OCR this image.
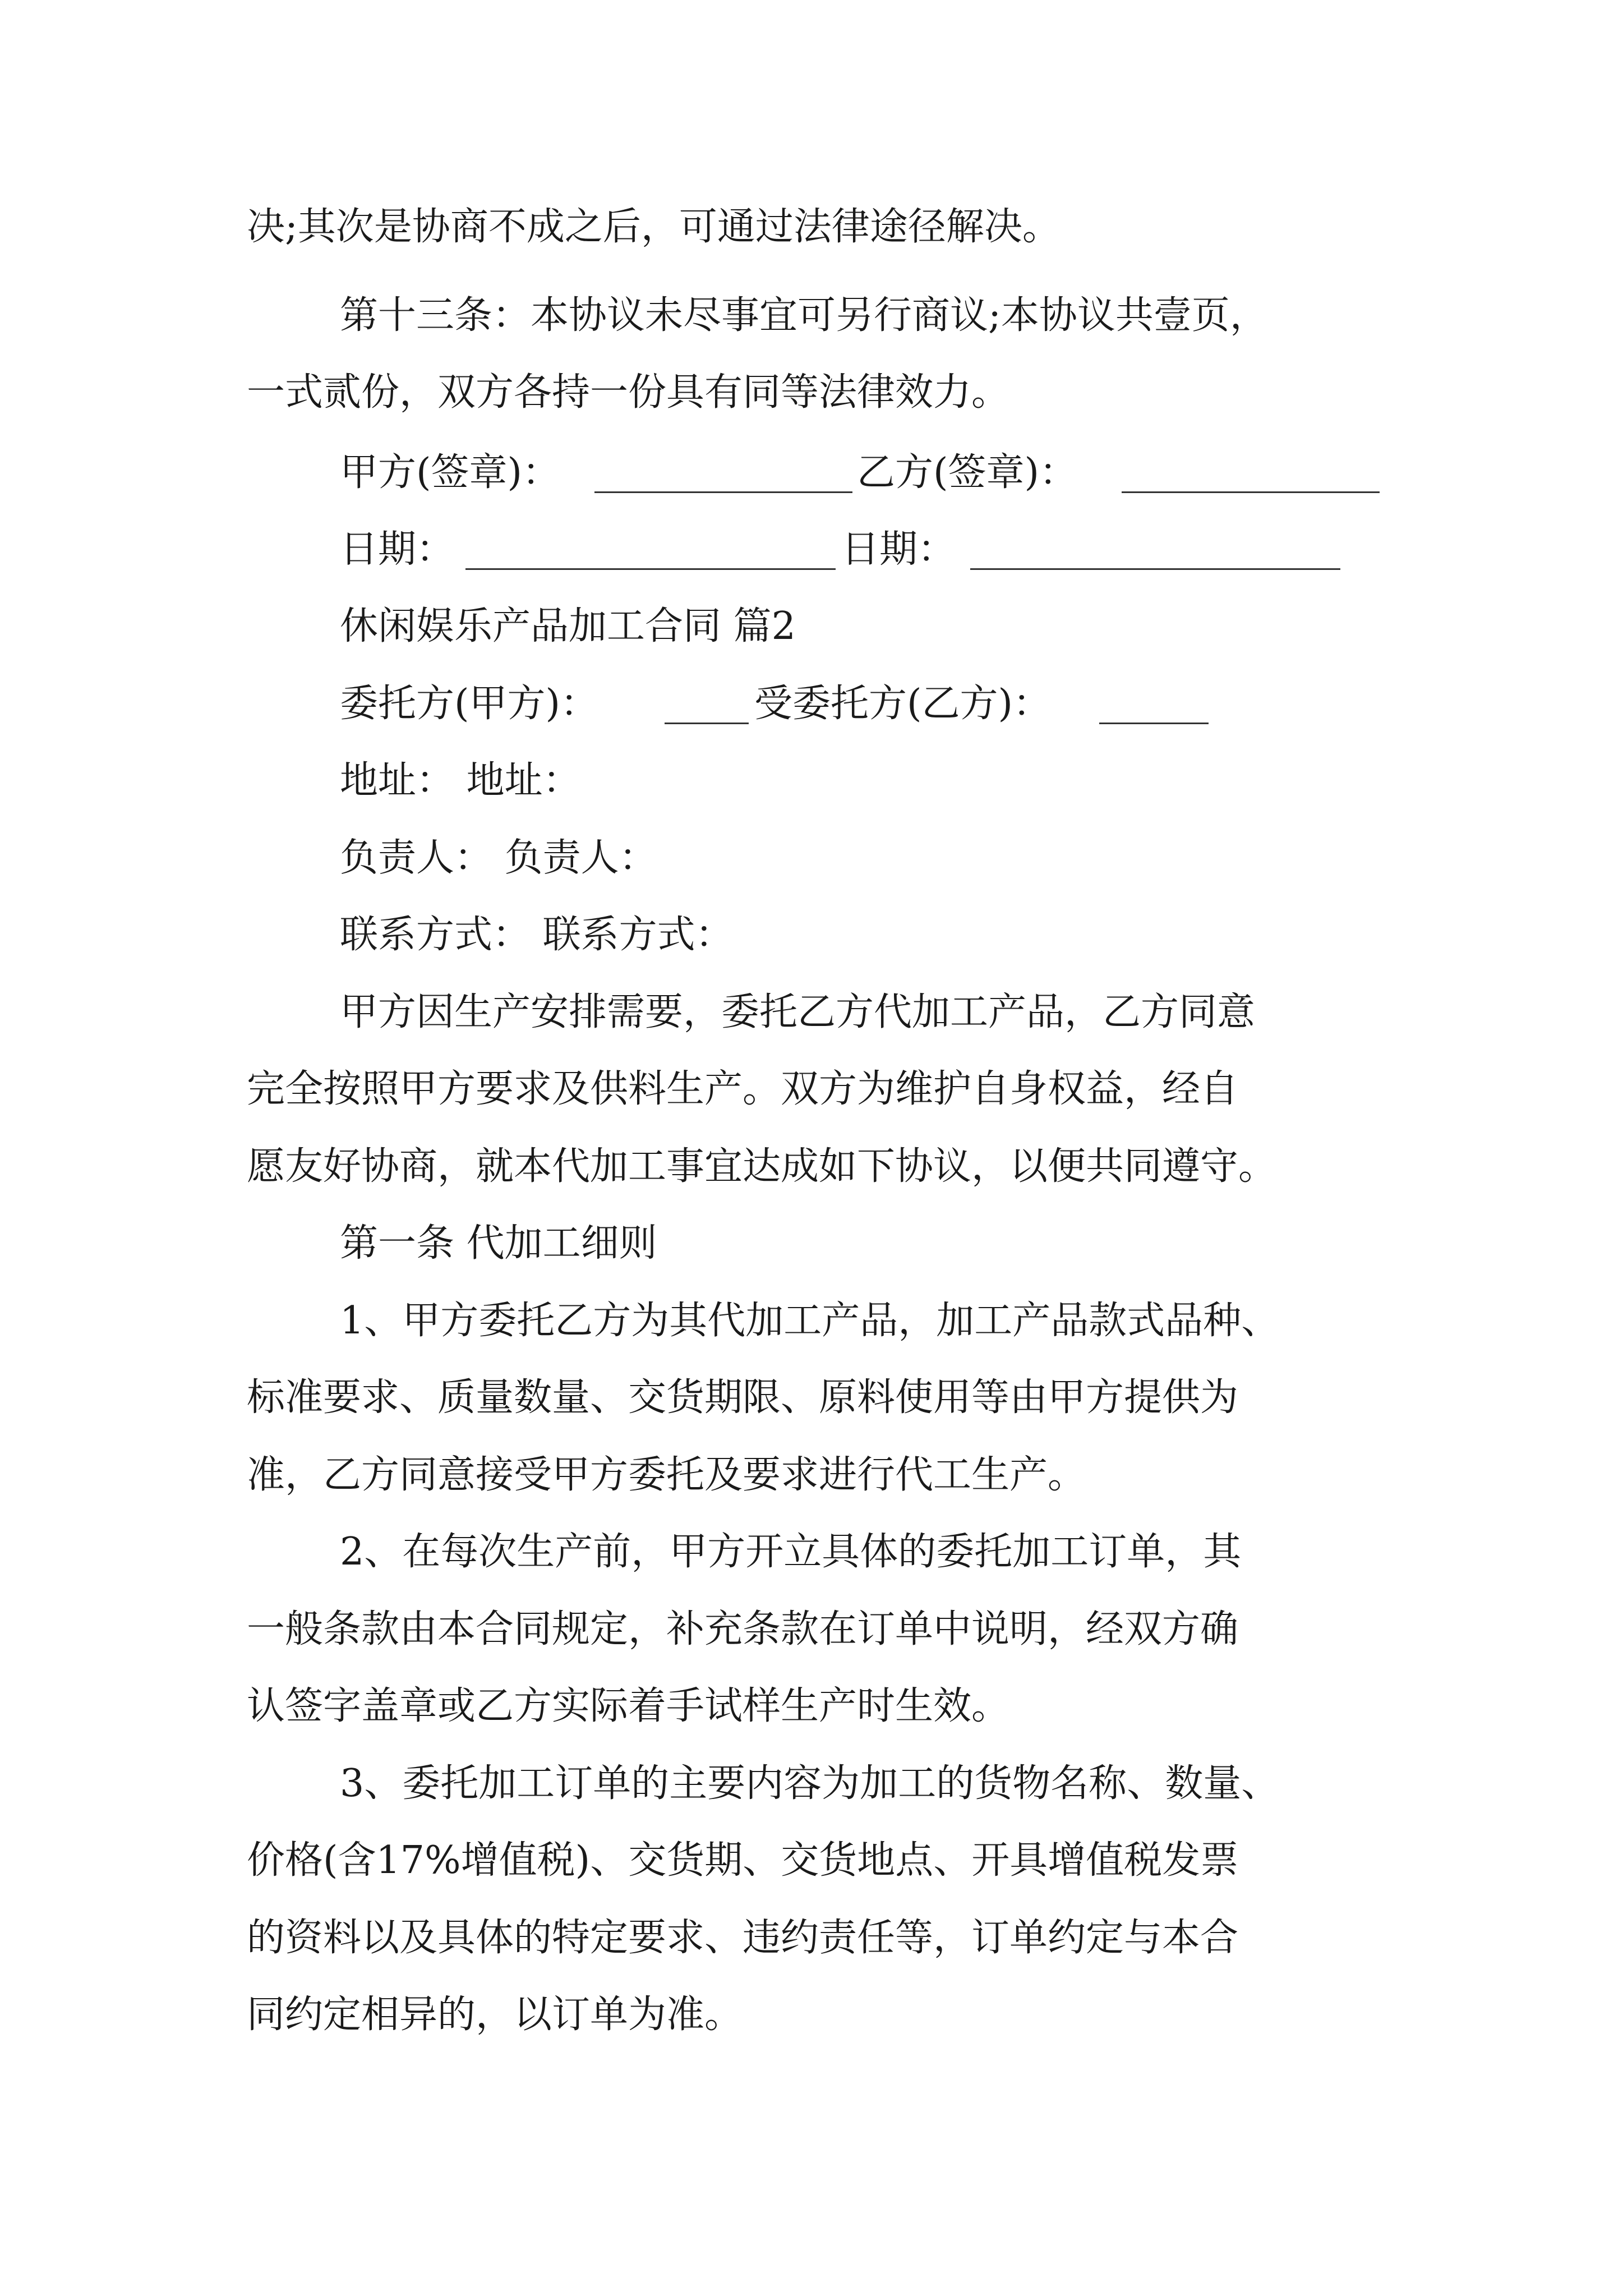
决;其次是协商不成之后，可通过法律途径解决。
第十三条：本协议未尽事宜可另行商议;本协议共壹页，
一式贰份，双方各持一份具有同等法律效力。
甲方(签章)：	乙方(签章)：
日期：	日期：
休闲娱乐产品加工合同 篇2
委托方(甲方)：	受委托方(乙方)：
地址： 地址：
负责人： 负责人：
联系方式： 联系方式：
甲方因生产安排需要，委托乙方代加工产品，乙方同意
完全按照甲方要求及供料生产。双方为维护自身权益，经自
愿友好协商，就本代加工事宜达成如下协议，以便共同遵守。
第一条 代加工细则
1、甲方委托乙方为其代加工产品，加工产品款式品种、
标准要求、质量数量、交货期限、原料使用等由甲方提供为
准，乙方同意接受甲方委托及要求进行代工生产。
2、在每次生产前，甲方开立具体的委托加工订单，其
一般条款由本合同规定，补充条款在订单中说明，经双方确
认签字盖章或乙方实际着手试样生产时生效。
3、委托加工订单的主要内容为加工的货物名称、数量、
价格(含17%增值税)、交货期、交货地点、开具增值税发票
的资料以及具体的特定要求、违约责任等，订单约定与本合
同约定相异的，以订单为准。
